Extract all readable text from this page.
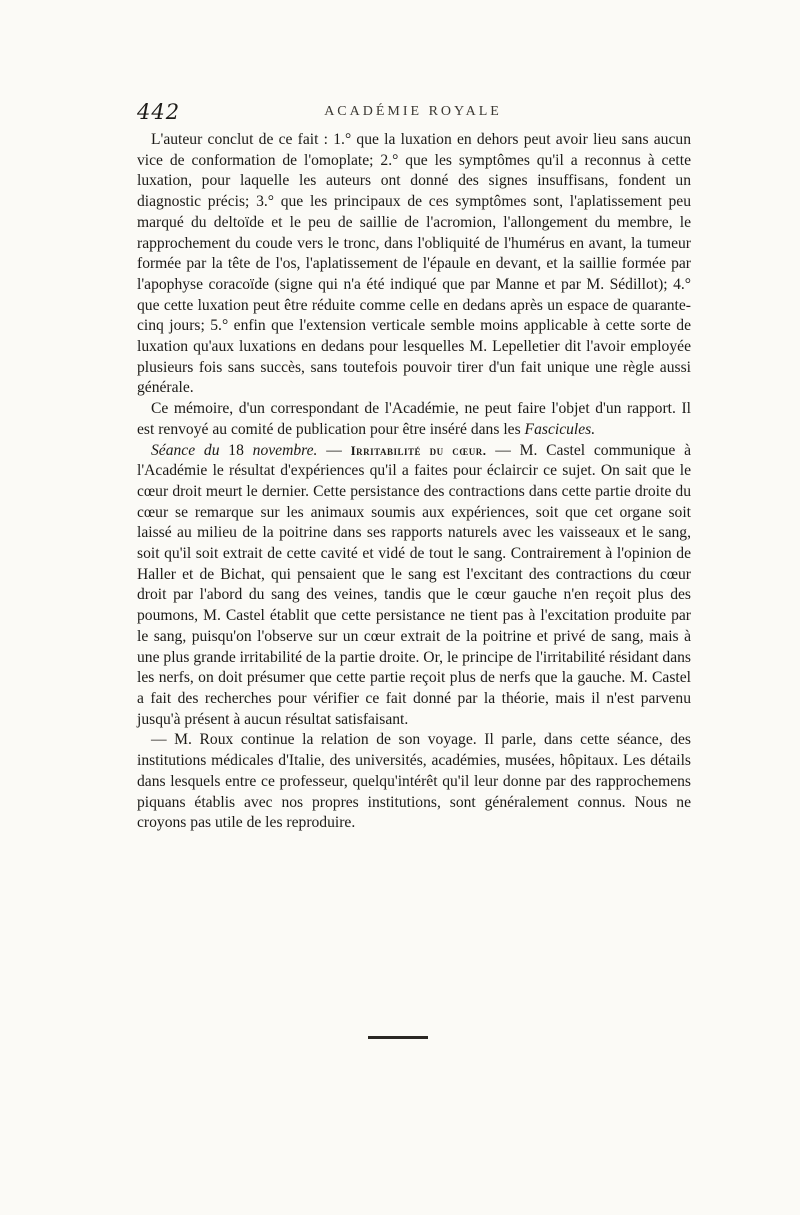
442	ACADÉMIE ROYALE

L'auteur conclut de ce fait : 1.° que la luxation en dehors peut avoir lieu sans aucun vice de conformation de l'omoplate; 2.° que les symptômes qu'il a reconnus à cette luxation, pour laquelle les auteurs ont donné des signes insuffisans, fondent un diagnostic précis; 3.° que les principaux de ces symptômes sont, l'aplatissement peu marqué du deltoïde et le peu de saillie de l'acromion, l'allongement du membre, le rapprochement du coude vers le tronc, dans l'obliquité de l'humérus en avant, la tumeur formée par la tête de l'os, l'aplatissement de l'épaule en devant, et la saillie formée par l'apophyse coracoïde (signe qui n'a été indiqué que par Manne et par M. Sédillot); 4.° que cette luxation peut être réduite comme celle en dedans après un espace de quarante-cinq jours; 5.° enfin que l'extension verticale semble moins applicable à cette sorte de luxation qu'aux luxations en dedans pour lesquelles M. Lepelletier dit l'avoir employée plusieurs fois sans succès, sans toutefois pouvoir tirer d'un fait unique une règle aussi générale.

Ce mémoire, d'un correspondant de l'Académie, ne peut faire l'objet d'un rapport. Il est renvoyé au comité de publication pour être inséré dans les Fascicules.

Séance du 18 novembre. — Irritabilité du cœur. — M. Castel communique à l'Académie le résultat d'expériences qu'il a faites pour éclaircir ce sujet. On sait que le cœur droit meurt le dernier. Cette persistance des contractions dans cette partie droite du cœur se remarque sur les animaux soumis aux expériences, soit que cet organe soit laissé au milieu de la poitrine dans ses rapports naturels avec les vaisseaux et le sang, soit qu'il soit extrait de cette cavité et vidé de tout le sang. Contrairement à l'opinion de Haller et de Bichat, qui pensaient que le sang est l'excitant des contractions du cœur droit par l'abord du sang des veines, tandis que le cœur gauche n'en reçoit plus des poumons, M. Castel établit que cette persistance ne tient pas à l'excitation produite par le sang, puisqu'on l'observe sur un cœur extrait de la poitrine et privé de sang, mais à une plus grande irritabilité de la partie droite. Or, le principe de l'irritabilité résidant dans les nerfs, on doit présumer que cette partie reçoit plus de nerfs que la gauche. M. Castel a fait des recherches pour vérifier ce fait donné par la théorie, mais il n'est parvenu jusqu'à présent à aucun résultat satisfaisant.

— M. Roux continue la relation de son voyage. Il parle, dans cette séance, des institutions médicales d'Italie, des universités, académies, musées, hôpitaux. Les détails dans lesquels entre ce professeur, quelqu'intérêt qu'il leur donne par des rapprochemens piquans établis avec nos propres institutions, sont généralement connus. Nous ne croyons pas utile de les reproduire.
